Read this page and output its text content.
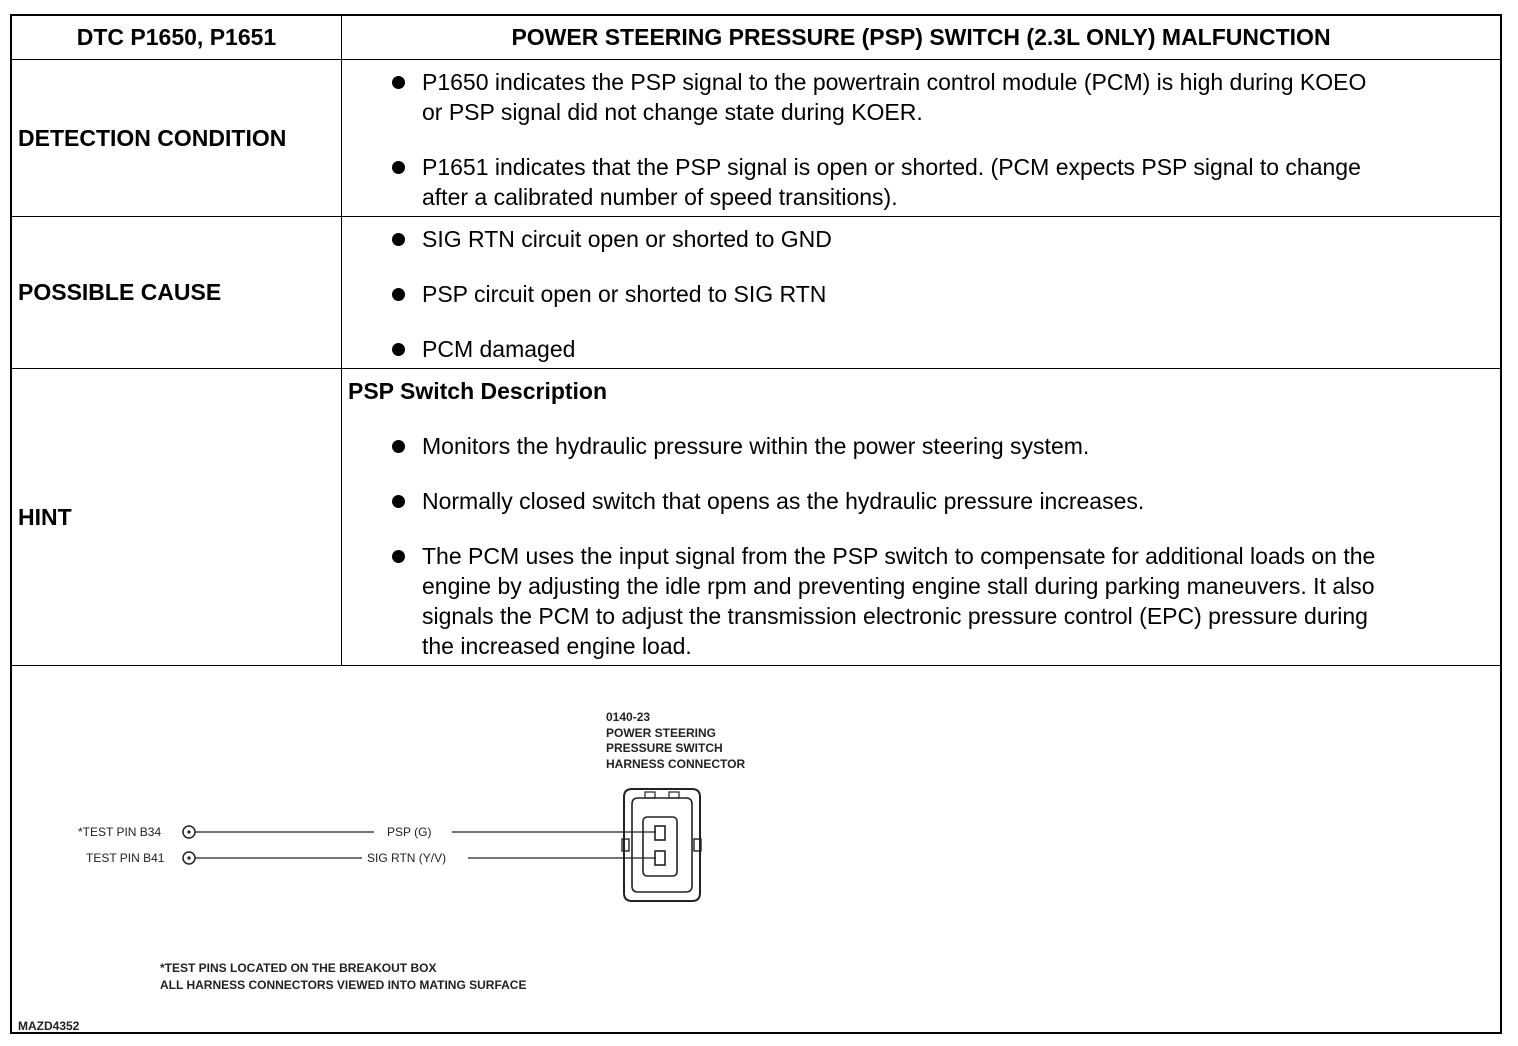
DTC P1650, P1651	POWER STEERING PRESSURE (PSP) SWITCH (2.3L ONLY) MALFUNCTION
DETECTION CONDITION
P1650 indicates the PSP signal to the powertrain control module (PCM) is high during KOEO
or PSP signal did not change state during KOER.
P1651 indicates that the PSP signal is open or shorted. (PCM expects PSP signal to change
after a calibrated number of speed transitions).
POSSIBLE CAUSE
SIG RTN circuit open or shorted to GND
PSP circuit open or shorted to SIG RTN
PCM damaged
HINT
PSP Switch Description
Monitors the hydraulic pressure within the power steering system.
Normally closed switch that opens as the hydraulic pressure increases.
The PCM uses the input signal from the PSP switch to compensate for additional loads on the
engine by adjusting the idle rpm and preventing engine stall during parking maneuvers. It also
signals the PCM to adjust the transmission electronic pressure control (EPC) pressure during
the increased engine load.
0140-23
POWER STEERING
PRESSURE SWITCH
HARNESS CONNECTOR
*TEST PIN B34
TEST PIN B41
PSP (G)
SIG RTN (Y/V)
*TEST PINS LOCATED ON THE BREAKOUT BOX
ALL HARNESS CONNECTORS VIEWED INTO MATING SURFACE
MAZD4352
